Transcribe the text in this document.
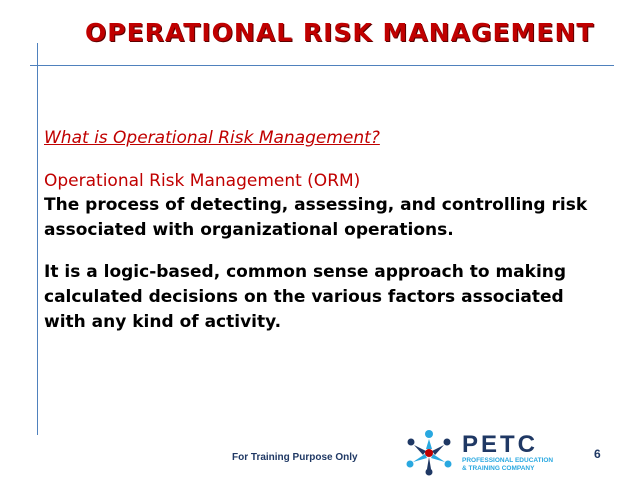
OPERATIONAL RISK MANAGEMENT
What is Operational Risk Management?
Operational Risk Management (ORM)
The process of detecting, assessing, and controlling risk
associated with organizational operations.
It is a logic-based, common sense approach to making
calculated decisions on the various factors associated
with any kind of activity.
For Training Purpose Only	PETC
PROFESSIONAL EDUCATION
& TRAINING COMPANY
6
